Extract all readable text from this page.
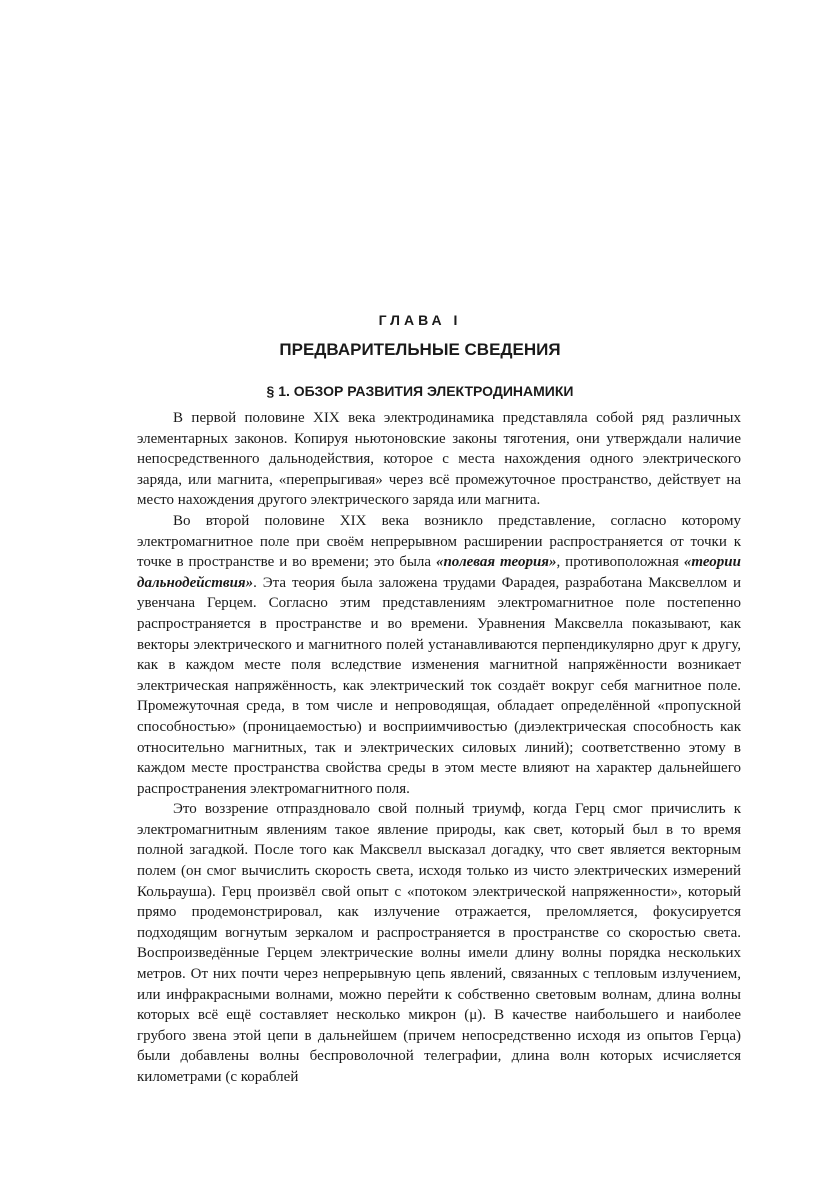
ГЛАВА I
ПРЕДВАРИТЕЛЬНЫЕ СВЕДЕНИЯ
§ 1. ОБЗОР РАЗВИТИЯ ЭЛЕКТРОДИНАМИКИ

В первой половине XIX века электродинамика представляла собой ряд различных элементарных законов. Копируя ньютоновские законы тяготения, они утверждали наличие непосредственного дальнодействия, которое с места нахождения одного электрического заряда, или магнита, «перепрыгивая» через всё промежуточное пространство, действует на место нахождения другого электрического заряда или магнита.

Во второй половине XIX века возникло представление, согласно которому электромагнитное поле при своём непрерывном расширении распространяется от точки к точке в пространстве и во времени; это была «полевая теория», противоположная «теории дальнодействия». Эта теория была заложена трудами Фарадея, разработана Максвеллом и увенчана Герцем. Согласно этим представлениям электромагнитное поле постепенно распространяется в пространстве и во времени. Уравнения Максвелла показывают, как векторы электрического и магнитного полей устанавливаются перпендикулярно друг к другу, как в каждом месте поля вследствие изменения магнитной напряжённости возникает электрическая напряжённость, как электрический ток создаёт вокруг себя магнитное поле. Промежуточная среда, в том числе и непроводящая, обладает определённой «пропускной способностью» (проницаемостью) и восприимчивостью (диэлектрическая способность как относительно магнитных, так и электрических силовых линий); соответственно этому в каждом месте пространства свойства среды в этом месте влияют на характер дальнейшего распространения электромагнитного поля.

Это воззрение отпраздновало свой полный триумф, когда Герц смог причислить к электромагнитным явлениям такое явление природы, как свет, который был в то время полной загадкой. После того как Максвелл высказал догадку, что свет является векторным полем (он смог вычислить скорость света, исходя только из чисто электрических измерений Кольрауша). Герц произвёл свой опыт с «потоком электрической напряженности», который прямо продемонстрировал, как излучение отражается, преломляется, фокусируется подходящим вогнутым зеркалом и распространяется в пространстве со скоростью света. Воспроизведённые Герцем электрические волны имели длину волны порядка нескольких метров. От них почти через непрерывную цепь явлений, связанных с тепловым излучением, или инфракрасными волнами, можно перейти к собственно световым волнам, длина волны которых всё ещё составляет несколько микрон (μ). В качестве наибольшего и наиболее грубого звена этой цепи в дальнейшем (причем непосредственно исходя из опытов Герца) были добавлены волны беспроволочной телеграфии, длина волн которых исчисляется километрами (с кораблей
